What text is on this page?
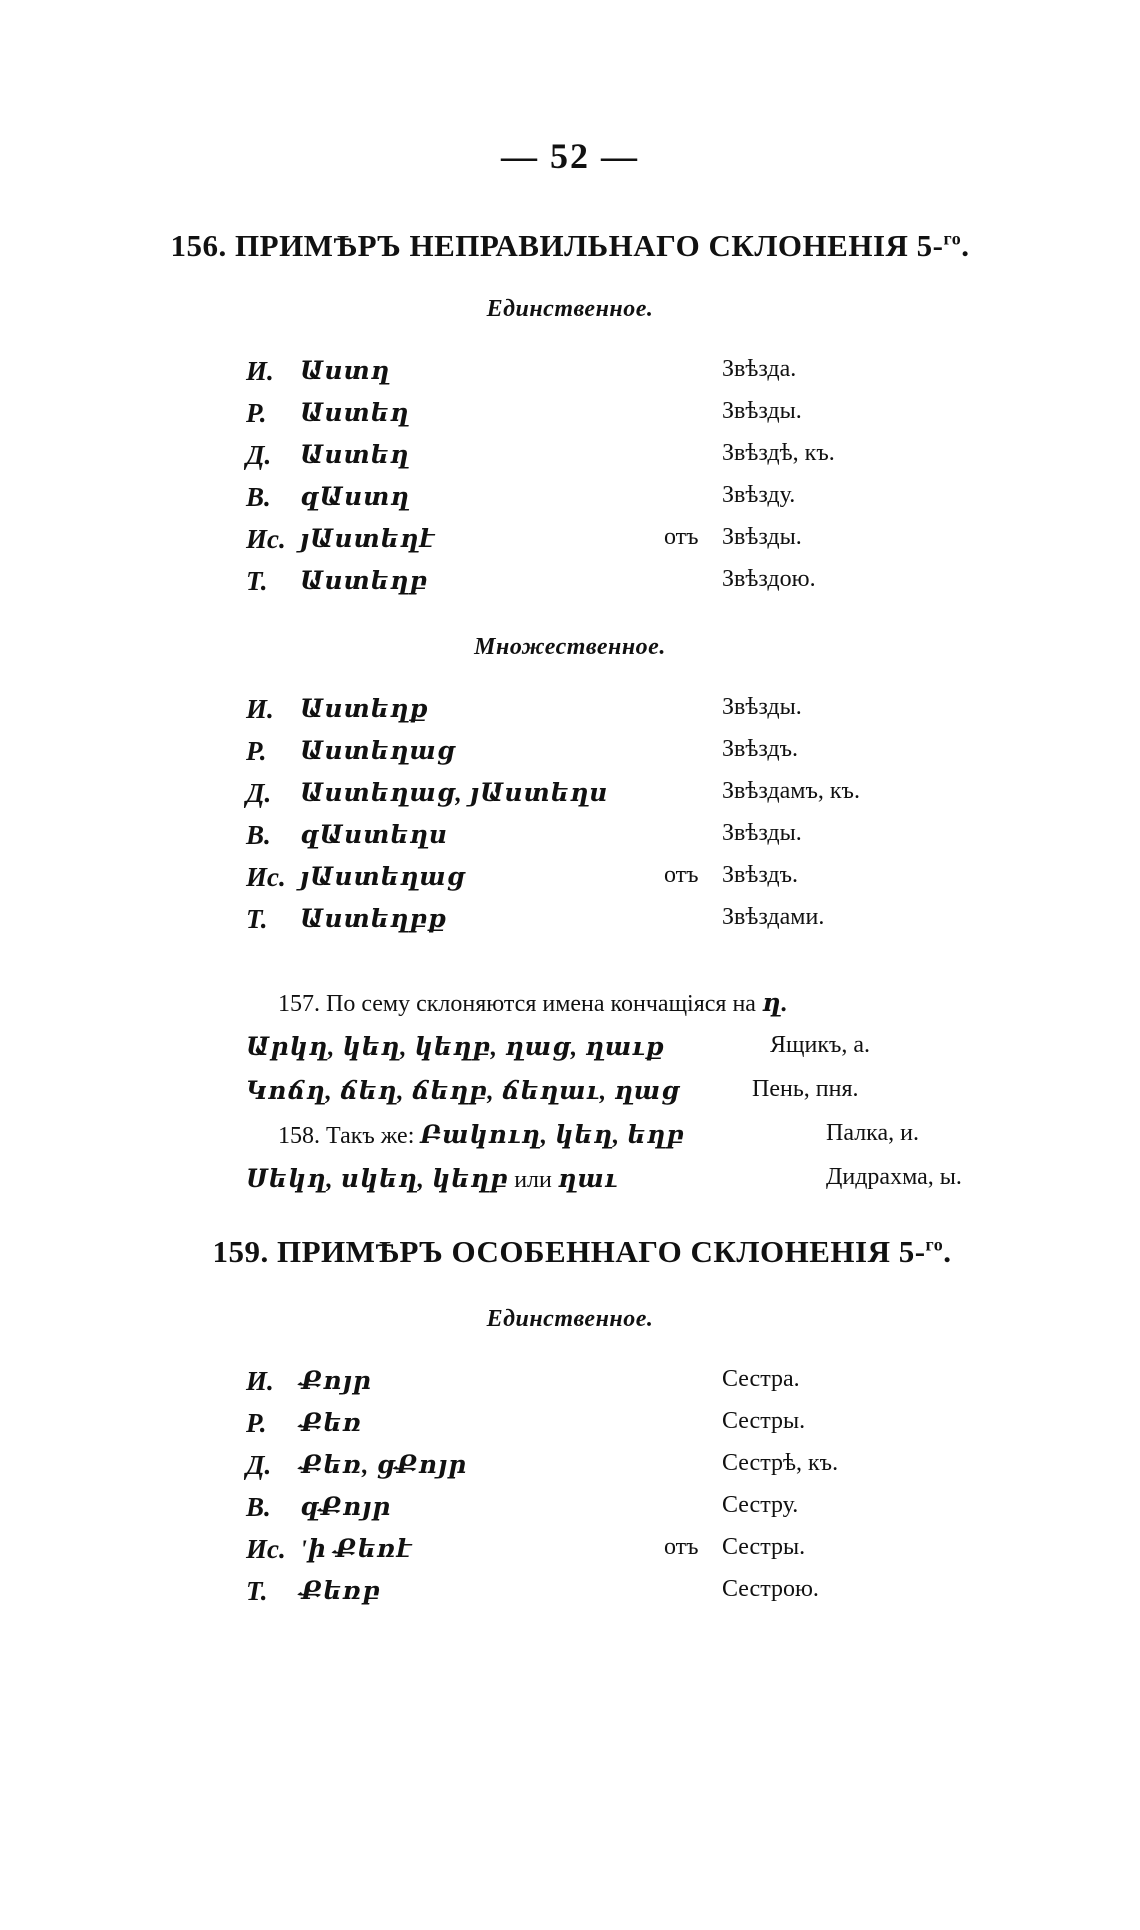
— 52 —
156. ПРИМѢРЪ НЕПРАВИЛЬНАГО СКЛОНЕНІЯ 5-$^{го}$.
Единственное.
И. Աստղ	Звѣзда.
Р. Աստեղ	Звѣзды.
Д. Աստեղ	Звѣздѣ, къ.
В. զԱստղ	Звѣзду.
Ис. յԱստեղէ	отъ Звѣзды.
Т. Աստեղբ	Звѣздою.
Множественное.
И. Աստեղք	Звѣзды.
Р. Աստեղաց	Звѣздъ.
Д. Աստեղաց, յԱստեղս	Звѣздамъ, къ.
В. զԱստեղս	Звѣзды.
Ис. յԱստեղաց	отъ Звѣздъ.
Т. Աստեղբք	Звѣздами.
157. По сему склоняются имена кончащіяся на ղ.
Արկղ, կեղ, կեղբ, ղաց, ղաւք	Ящикъ, а.
Կոճղ, ճեղ, ճեղբ, ճեղաւ, ղաց	Пень, пня.
158. Такъ же: Բակուղ, կեղ, եղբ	Палка, и.
Սեկղ, սկեղ, կեղբ или ղաւ	Дидрахма, ы.
159. ПРИМѢРЪ ОСОБЕННАГО СКЛОНЕНІЯ 5-$^{го}$.
Единственное.
И. Քոյր	Сестра.
Р. Քեռ	Сестры.
Д. Քեռ, ցՔոյր	Сестрѣ, къ.
В. զՔոյր	Сестру.
Ис. 'ի Քեռէ	отъ Сестры.
Т. Քեռբ	Сестрою.
